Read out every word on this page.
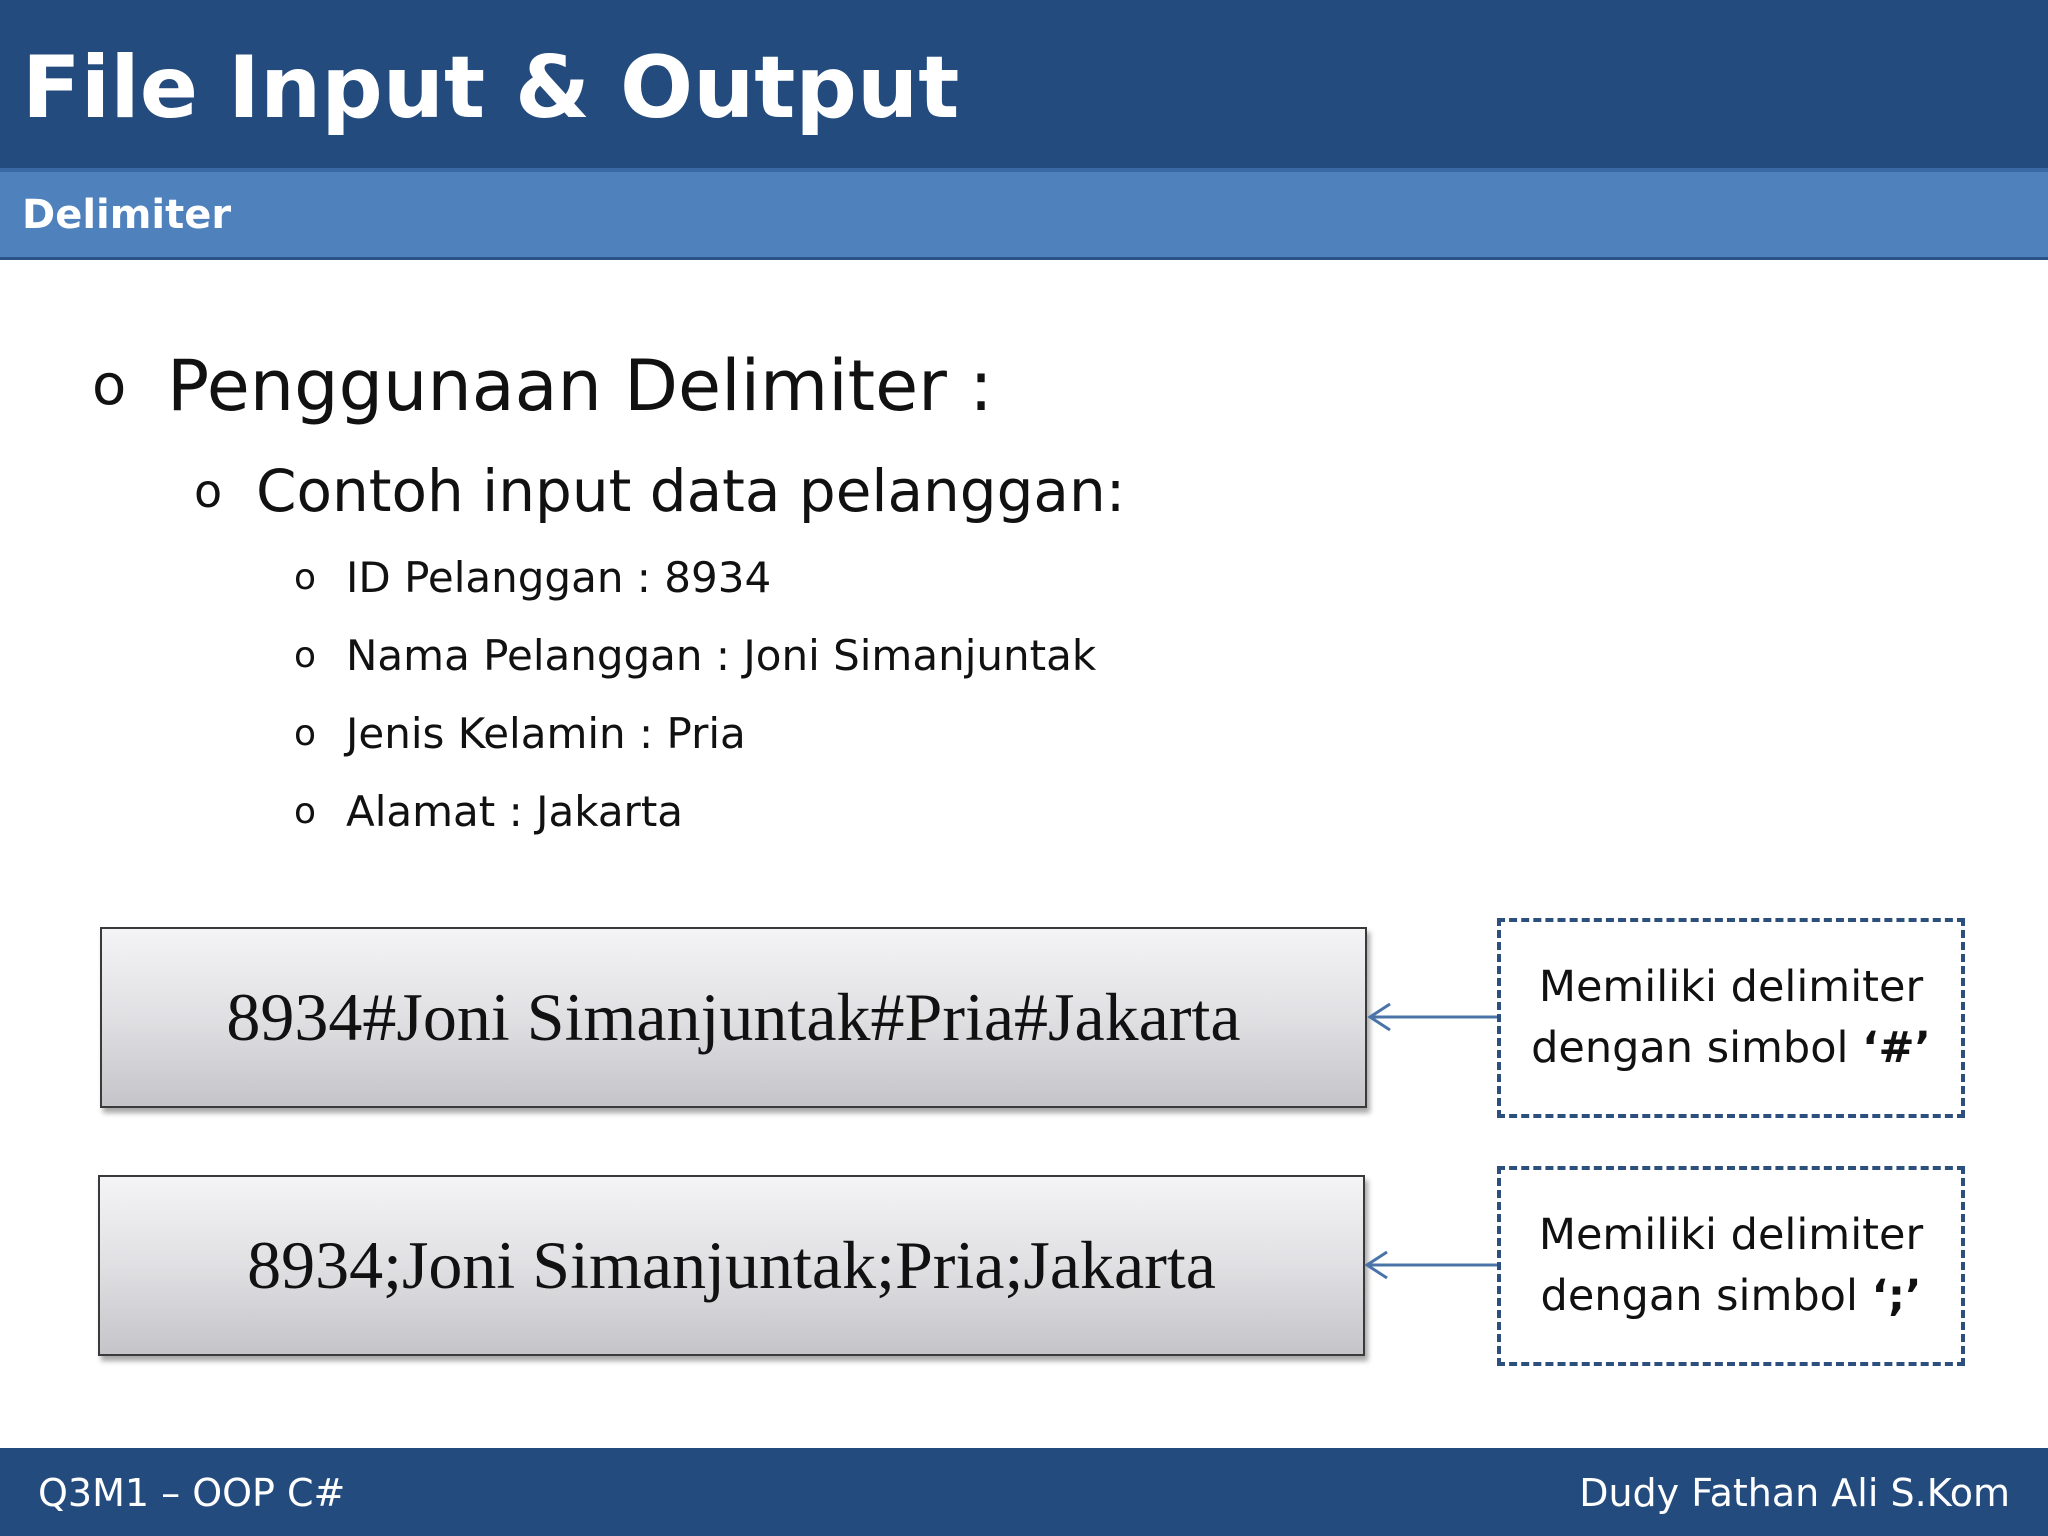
File Input & Output
Delimiter
o Penggunaan Delimiter :
o Contoh input data pelanggan:
o ID Pelanggan : 8934
o Nama Pelanggan : Joni Simanjuntak
o Jenis Kelamin : Pria
o Alamat : Jakarta
8934#Joni Simanjuntak#Pria#Jakarta
8934;Joni Simanjuntak;Pria;Jakarta
Memiliki delimiter
dengan simbol ‘#’
Memiliki delimiter
dengan simbol ‘;’
Q3M1 – OOP C#	Dudy Fathan Ali S.Kom
